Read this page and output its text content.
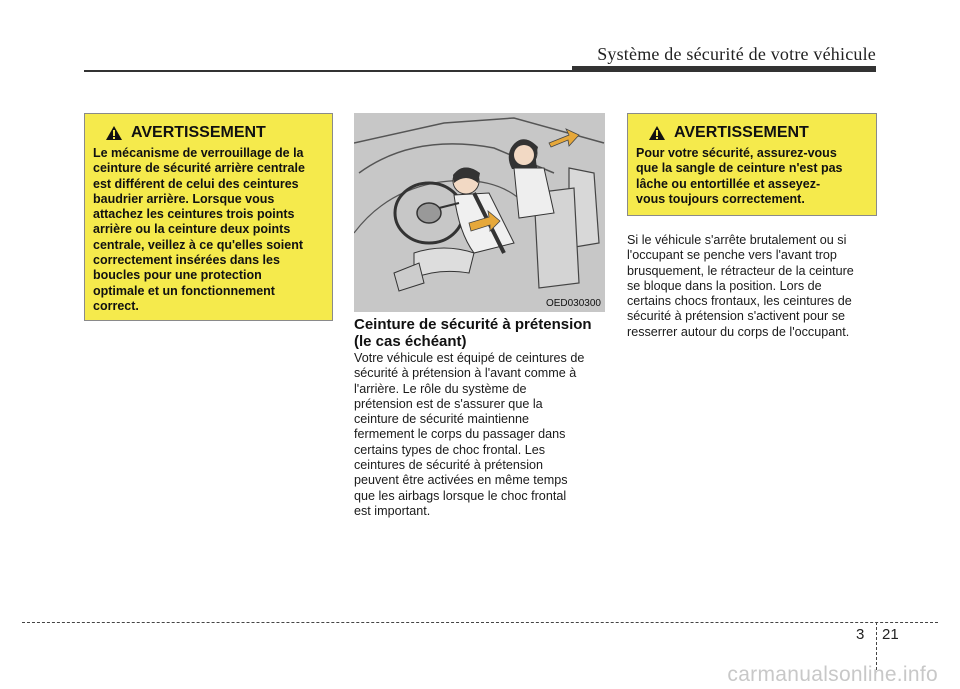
Système de sécurité de votre véhicule
AVERTISSEMENT
Le mécanisme de verrouillage de la
ceinture de sécurité arrière centrale
est différent de celui des ceintures
baudrier arrière. Lorsque vous
attachez les ceintures trois points
arrière ou la ceinture deux points
centrale, veillez à ce qu'elles soient
correctement insérées dans les
boucles pour une protection
optimale et un fonctionnement
correct.	OED030300
Ceinture de sécurité à prétension
(le cas échéant)
Votre véhicule est équipé de ceintures de
sécurité à prétension à l'avant comme à
l'arrière. Le rôle du système de
prétension est de s'assurer que la
ceinture de sécurité maintienne
fermement le corps du passager dans
certains types de choc frontal. Les
ceintures de sécurité à prétension
peuvent être activées en même temps
que les airbags lorsque le choc frontal
est important.
AVERTISSEMENT
Pour votre sécurité, assurez-vous
que la sangle de ceinture n'est pas
lâche ou entortillée et asseyez-
vous toujours correctement.
Si le véhicule s'arrête brutalement ou si
l'occupant se penche vers l'avant trop
brusquement, le rétracteur de la ceinture
se bloque dans la position. Lors de
certains chocs frontaux, les ceintures de
sécurité à prétension s'activent pour se
resserrer autour du corps de l'occupant.
3 21
carmanualsonline.info
